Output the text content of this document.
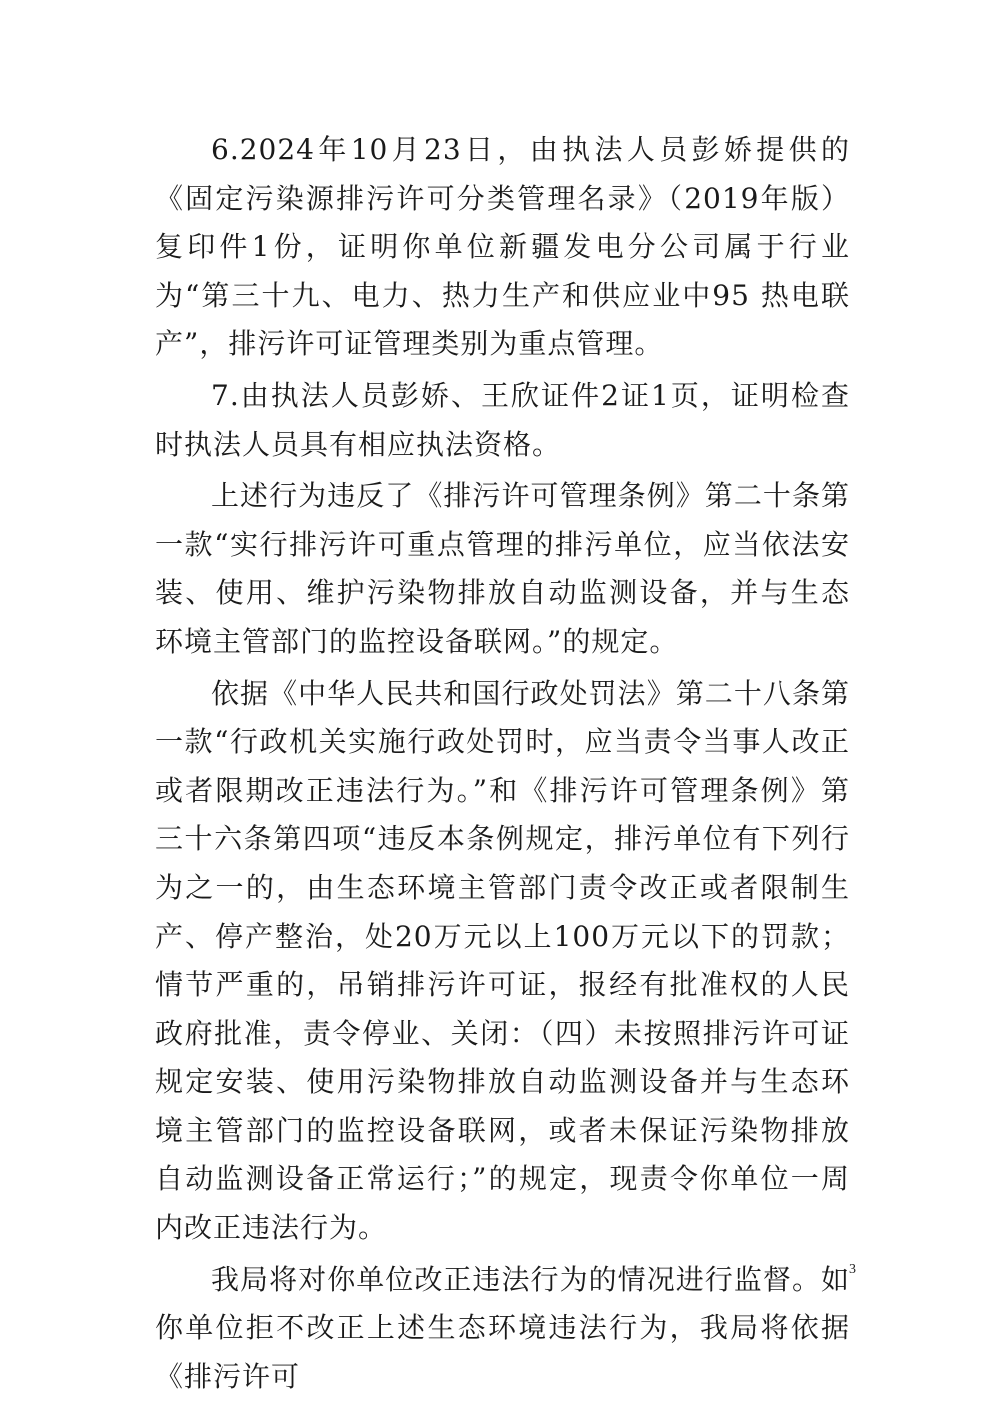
6.2024年10月23日，由执法人员彭娇提供的《固定污染源排污许可分类管理名录》（2019年版）复印件1份，证明你单位新疆发电分公司属于行业为“第三十九、电力、热力生产和供应业中95 热电联产”，排污许可证管理类别为重点管理。

7.由执法人员彭娇、王欣证件2证1页，证明检查时执法人员具有相应执法资格。

上述行为违反了《排污许可管理条例》第二十条第一款“实行排污许可重点管理的排污单位，应当依法安装、使用、维护污染物排放自动监测设备，并与生态环境主管部门的监控设备联网。”的规定。

依据《中华人民共和国行政处罚法》第二十八条第一款“行政机关实施行政处罚时，应当责令当事人改正或者限期改正违法行为。”和《排污许可管理条例》第三十六条第四项“违反本条例规定，排污单位有下列行为之一的，由生态环境主管部门责令改正或者限制生产、停产整治，处20万元以上100万元以下的罚款；情节严重的，吊销排污许可证，报经有批准权的人民政府批准，责令停业、关闭：（四）未按照排污许可证规定安装、使用污染物排放自动监测设备并与生态环境主管部门的监控设备联网，或者未保证污染物排放自动监测设备正常运行；”的规定，现责令你单位一周内改正违法行为。

我局将对你单位改正违法行为的情况进行监督。如你单位拒不改正上述生态环境违法行为，我局将依据《排污许可

3
